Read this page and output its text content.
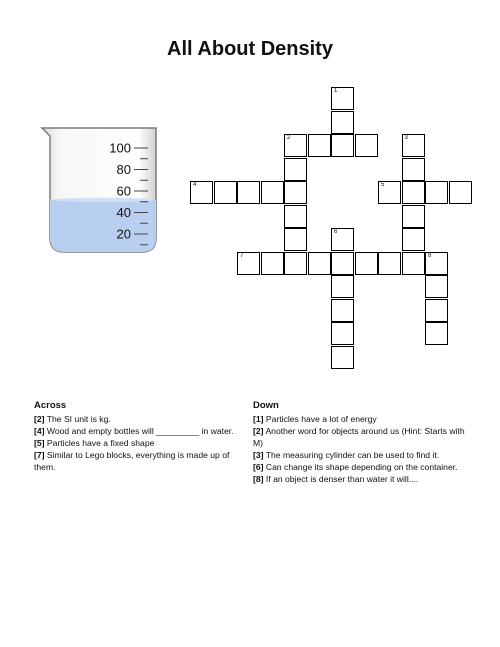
All About Density
100
80
60
40
20
1
2	3
4	5
6
7	8
Across
[2] The SI unit is kg.
[4] Wood and empty bottles will _________ in water.
[5] Particles have a fixed shape
[7] Similar to Lego blocks, everything is made up of them.
Down
[1] Particles have a lot of energy
[2] Another word for objects around us (Hint: Starts with M)
[3] The measuring cylinder can be used to find it.
[6] Can change its shape depending on the container.
[8] If an object is denser than water it will....
